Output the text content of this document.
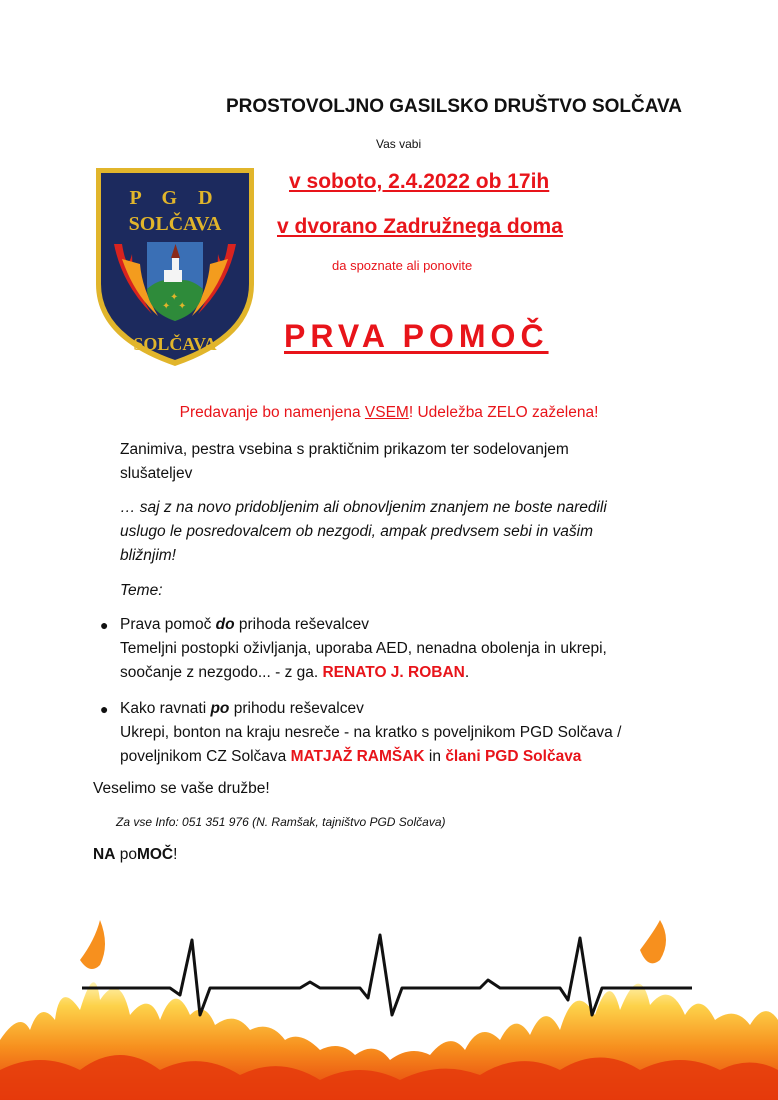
PROSTOVOLJNO GASILSKO DRUŠTVO SOLČAVA
Vas vabi
✦ ✦
✦
P G D
SOLČAVA
SOLČAVA
v soboto, 2.4.2022 ob 17ih
v dvorano Zadružnega doma
da spoznate ali ponovite
PRVA POMOČ
Predavanje bo namenjena VSEM! Udeležba ZELO zaželena!
Zanimiva, pestra vsebina s praktičnim prikazom ter sodelovanjem
slušateljev
… saj z na novo pridobljenim ali obnovljenim znanjem ne boste naredili
uslugo le posredovalcem ob nezgodi, ampak predvsem sebi in vašim
bližnjim!
Teme:
● Prava pomoč do prihoda reševalcev
Temeljni postopki oživljanja, uporaba AED, nenadna obolenja in ukrepi,
soočanje z nezgodo... - z ga. RENATO J. ROBAN.
● Kako ravnati po prihodu reševalcev
Ukrepi, bonton na kraju nesreče - na kratko s poveljnikom PGD Solčava /
poveljnikom CZ Solčava MATJAŽ RAMŠAK in člani PGD Solčava
Veselimo se vaše družbe!
Za vse Info: 051 351 976 (N. Ramšak, tajništvo PGD Solčava)
NA poMOČ!
